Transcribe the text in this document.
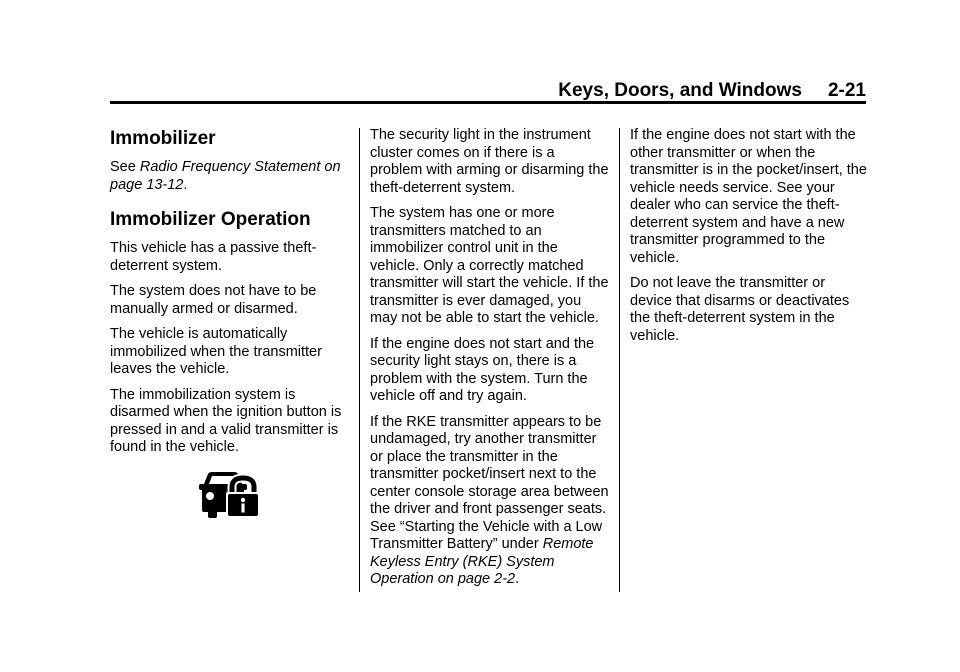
Keys, Doors, and Windows 2-21
Immobilizer

See Radio Frequency Statement on page 13-12.

Immobilizer Operation

This vehicle has a passive theft-deterrent system.

The system does not have to be manually armed or disarmed.

The vehicle is automatically immobilized when the transmitter leaves the vehicle.

The immobilization system is disarmed when the ignition button is pressed in and a valid transmitter is found in the vehicle.

The security light in the instrument cluster comes on if there is a problem with arming or disarming the theft-deterrent system.

The system has one or more transmitters matched to an immobilizer control unit in the vehicle. Only a correctly matched transmitter will start the vehicle. If the transmitter is ever damaged, you may not be able to start the vehicle.

If the engine does not start and the security light stays on, there is a problem with the system. Turn the vehicle off and try again.

If the RKE transmitter appears to be undamaged, try another transmitter or place the transmitter in the transmitter pocket/insert next to the center console storage area between the driver and front passenger seats. See “Starting the Vehicle with a Low Transmitter Battery” under Remote Keyless Entry (RKE) System Operation on page 2-2.

If the engine does not start with the other transmitter or when the transmitter is in the pocket/insert, the vehicle needs service. See your dealer who can service the theft-deterrent system and have a new transmitter programmed to the vehicle.

Do not leave the transmitter or device that disarms or deactivates the theft-deterrent system in the vehicle.
